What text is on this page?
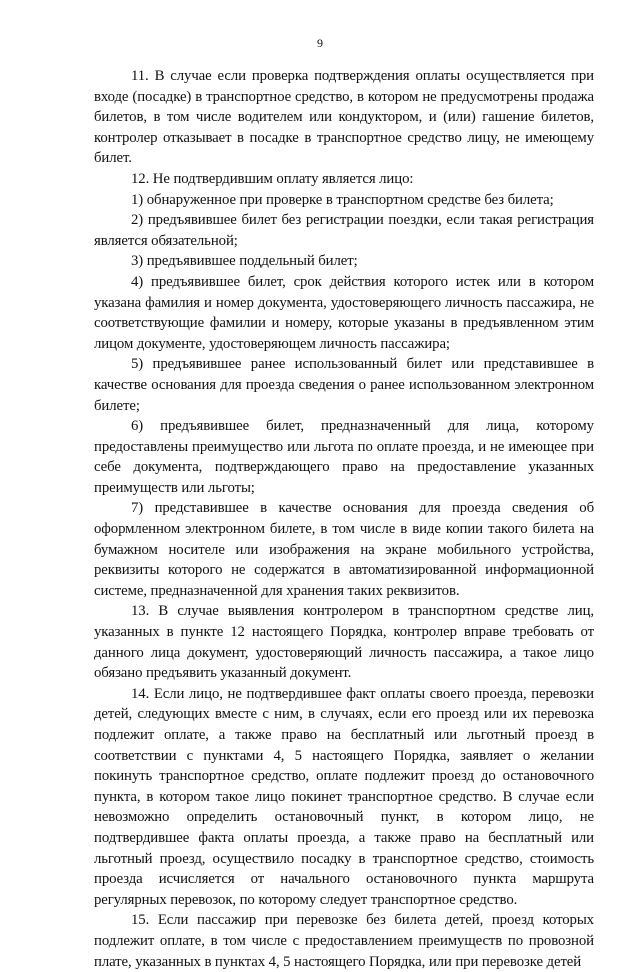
9

11. В случае если проверка подтверждения оплаты осуществляется при входе (посадке) в транспортное средство, в котором не предусмотрены продажа билетов, в том числе водителем или кондуктором, и (или) гашение билетов, контролер отказывает в посадке в транспортное средство лицу, не имеющему билет.

12. Не подтвердившим оплату является лицо:

1) обнаруженное при проверке в транспортном средстве без билета;

2) предъявившее билет без регистрации поездки, если такая регистрация является обязательной;

3) предъявившее поддельный билет;

4) предъявившее билет, срок действия которого истек или в котором указана фамилия и номер документа, удостоверяющего личность пассажира, не соответствующие фамилии и номеру, которые указаны в предъявленном этим лицом документе, удостоверяющем личность пассажира;

5) предъявившее ранее использованный билет или представившее в качестве основания для проезда сведения о ранее использованном электронном билете;

6) предъявившее билет, предназначенный для лица, которому предоставлены преимущество или льгота по оплате проезда, и не имеющее при себе документа, подтверждающего право на предоставление указанных преимуществ или льготы;

7) представившее в качестве основания для проезда сведения об оформленном электронном билете, в том числе в виде копии такого билета на бумажном носителе или изображения на экране мобильного устройства, реквизиты которого не содержатся в автоматизированной информационной системе, предназначенной для хранения таких реквизитов.

13. В случае выявления контролером в транспортном средстве лиц, указанных в пункте 12 настоящего Порядка, контролер вправе требовать от данного лица документ, удостоверяющий личность пассажира, а такое лицо обязано предъявить указанный документ.

14. Если лицо, не подтвердившее факт оплаты своего проезда, перевозки детей, следующих вместе с ним, в случаях, если его проезд или их перевозка подлежит оплате, а также право на бесплатный или льготный проезд в соответствии с пунктами 4, 5 настоящего Порядка, заявляет о желании покинуть транспортное средство, оплате подлежит проезд до остановочного пункта, в котором такое лицо покинет транспортное средство. В случае если невозможно определить остановочный пункт, в котором лицо, не подтвердившее факта оплаты проезда, а также право на бесплатный или льготный проезд, осуществило посадку в транспортное средство, стоимость проезда исчисляется от начального остановочного пункта маршрута регулярных перевозок, по которому следует транспортное средство.

15. Если пассажир при перевозке без билета детей, проезд которых подлежит оплате, в том числе с предоставлением преимуществ по провозной плате, указанных в пунктах 4, 5 настоящего Порядка, или при перевозке детей
